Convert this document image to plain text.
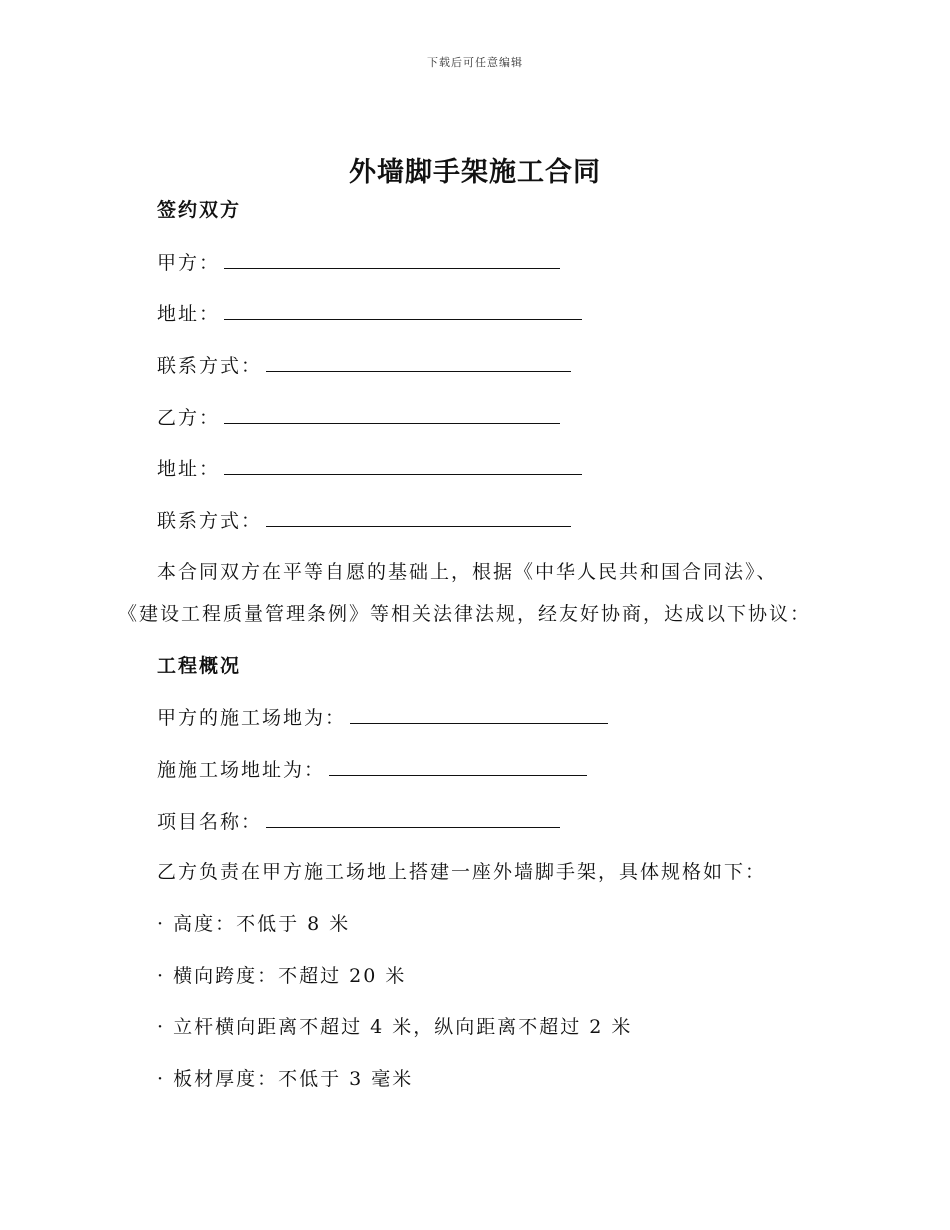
下载后可任意编辑
外墙脚手架施工合同
签约双方
甲方：
地址：
联系方式：
乙方：
地址：
联系方式：
本合同双方在平等自愿的基础上，根据《中华人民共和国合同法》、
《建设工程质量管理条例》等相关法律法规，经友好协商，达成以下协议：
工程概况
甲方的施工场地为：
施施工场地址为：
项目名称：
乙方负责在甲方施工场地上搭建一座外墙脚手架，具体规格如下：
· 高度：不低于 8 米
· 横向跨度：不超过 20 米
· 立杆横向距离不超过 4 米，纵向距离不超过 2 米
· 板材厚度：不低于 3 毫米
